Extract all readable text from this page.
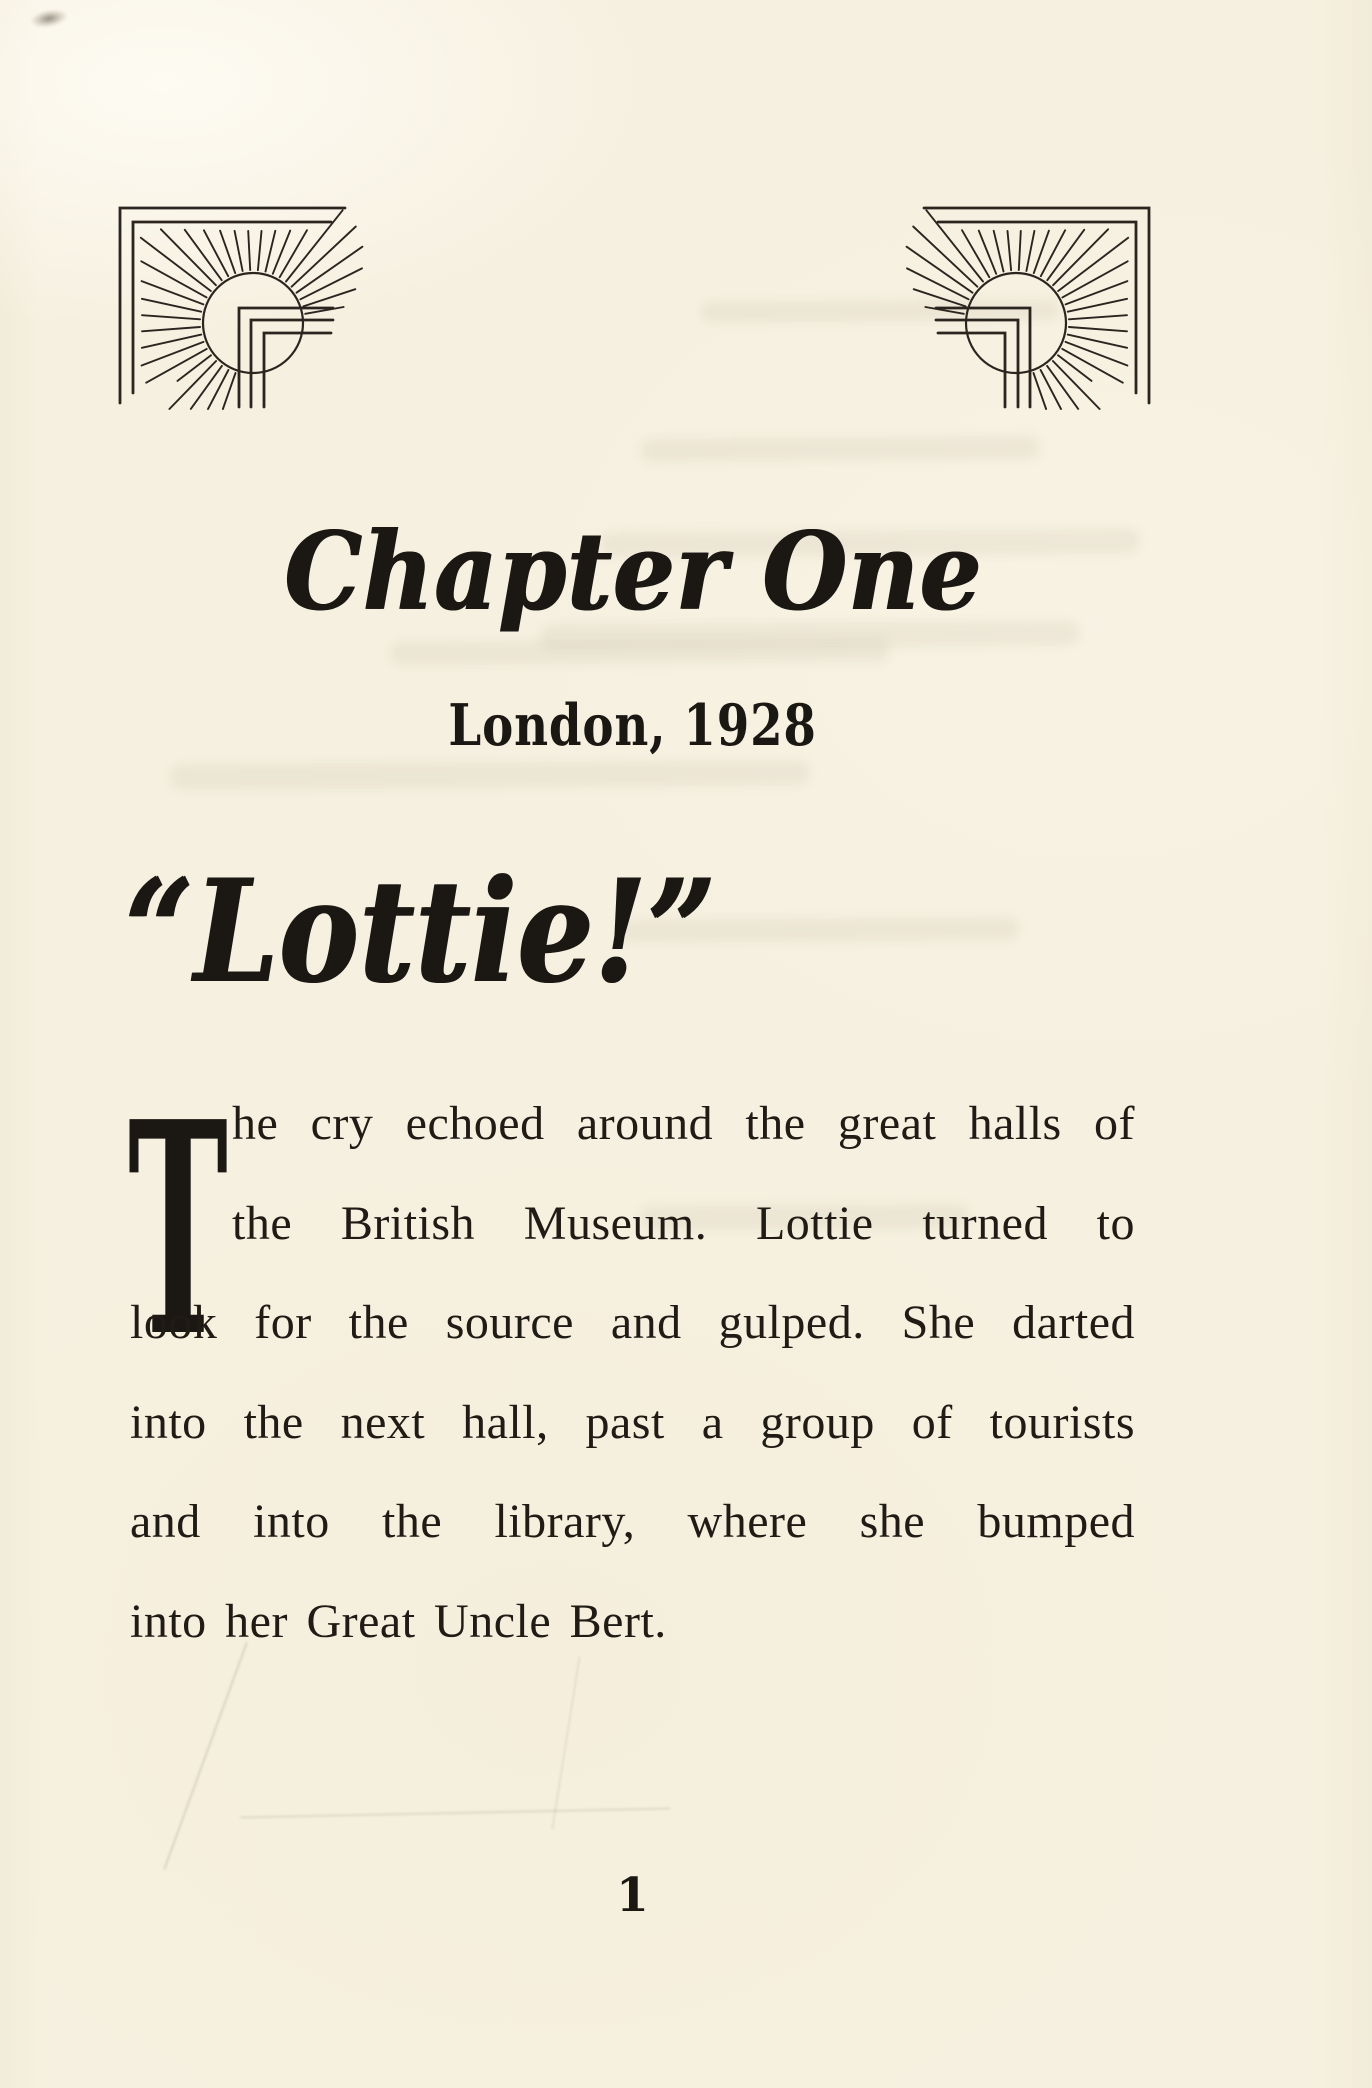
Chapter One
London, 1928
“Lottie!”
T he cry echoed around the great halls of

the British Museum. Lottie turned to

look for the source and gulped. She darted

into the next hall, past a group of tourists

and into the library, where she bumped

into her Great Uncle Bert.

1
